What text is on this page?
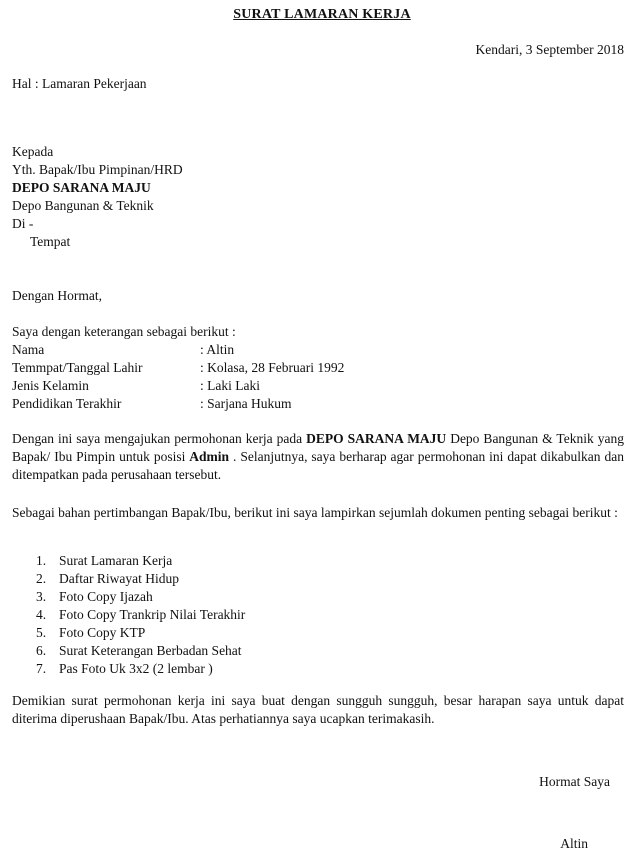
SURAT LAMARAN KERJA
Kendari, 3 September 2018
Hal : Lamaran Pekerjaan
Kepada
Yth. Bapak/Ibu Pimpinan/HRD
DEPO SARANA MAJU
Depo Bangunan & Teknik
Di -
Tempat
Dengan Hormat,
Saya dengan keterangan sebagai berikut :
Nama	: Altin
Temmpat/Tanggal Lahir	: Kolasa, 28 Februari 1992
Jenis Kelamin	: Laki Laki
Pendidikan Terakhir	: Sarjana Hukum
Dengan ini saya mengajukan permohonan kerja pada DEPO SARANA MAJU Depo Bangunan & Teknik yang Bapak/ Ibu Pimpin untuk posisi Admin . Selanjutnya, saya berharap agar permohonan ini dapat dikabulkan dan ditempatkan pada perusahaan tersebut.
Sebagai bahan pertimbangan Bapak/Ibu, berikut ini saya lampirkan sejumlah dokumen penting sebagai berikut :
1. Surat Lamaran Kerja
2. Daftar Riwayat Hidup
3. Foto Copy Ijazah
4. Foto Copy Trankrip Nilai Terakhir
5. Foto Copy KTP
6. Surat Keterangan Berbadan Sehat
7. Pas Foto Uk 3x2 (2 lembar )
Demikian surat permohonan kerja ini saya buat dengan sungguh sungguh, besar harapan saya untuk dapat diterima diperushaan Bapak/Ibu. Atas perhatiannya saya ucapkan terimakasih.
Hormat Saya
Altin
